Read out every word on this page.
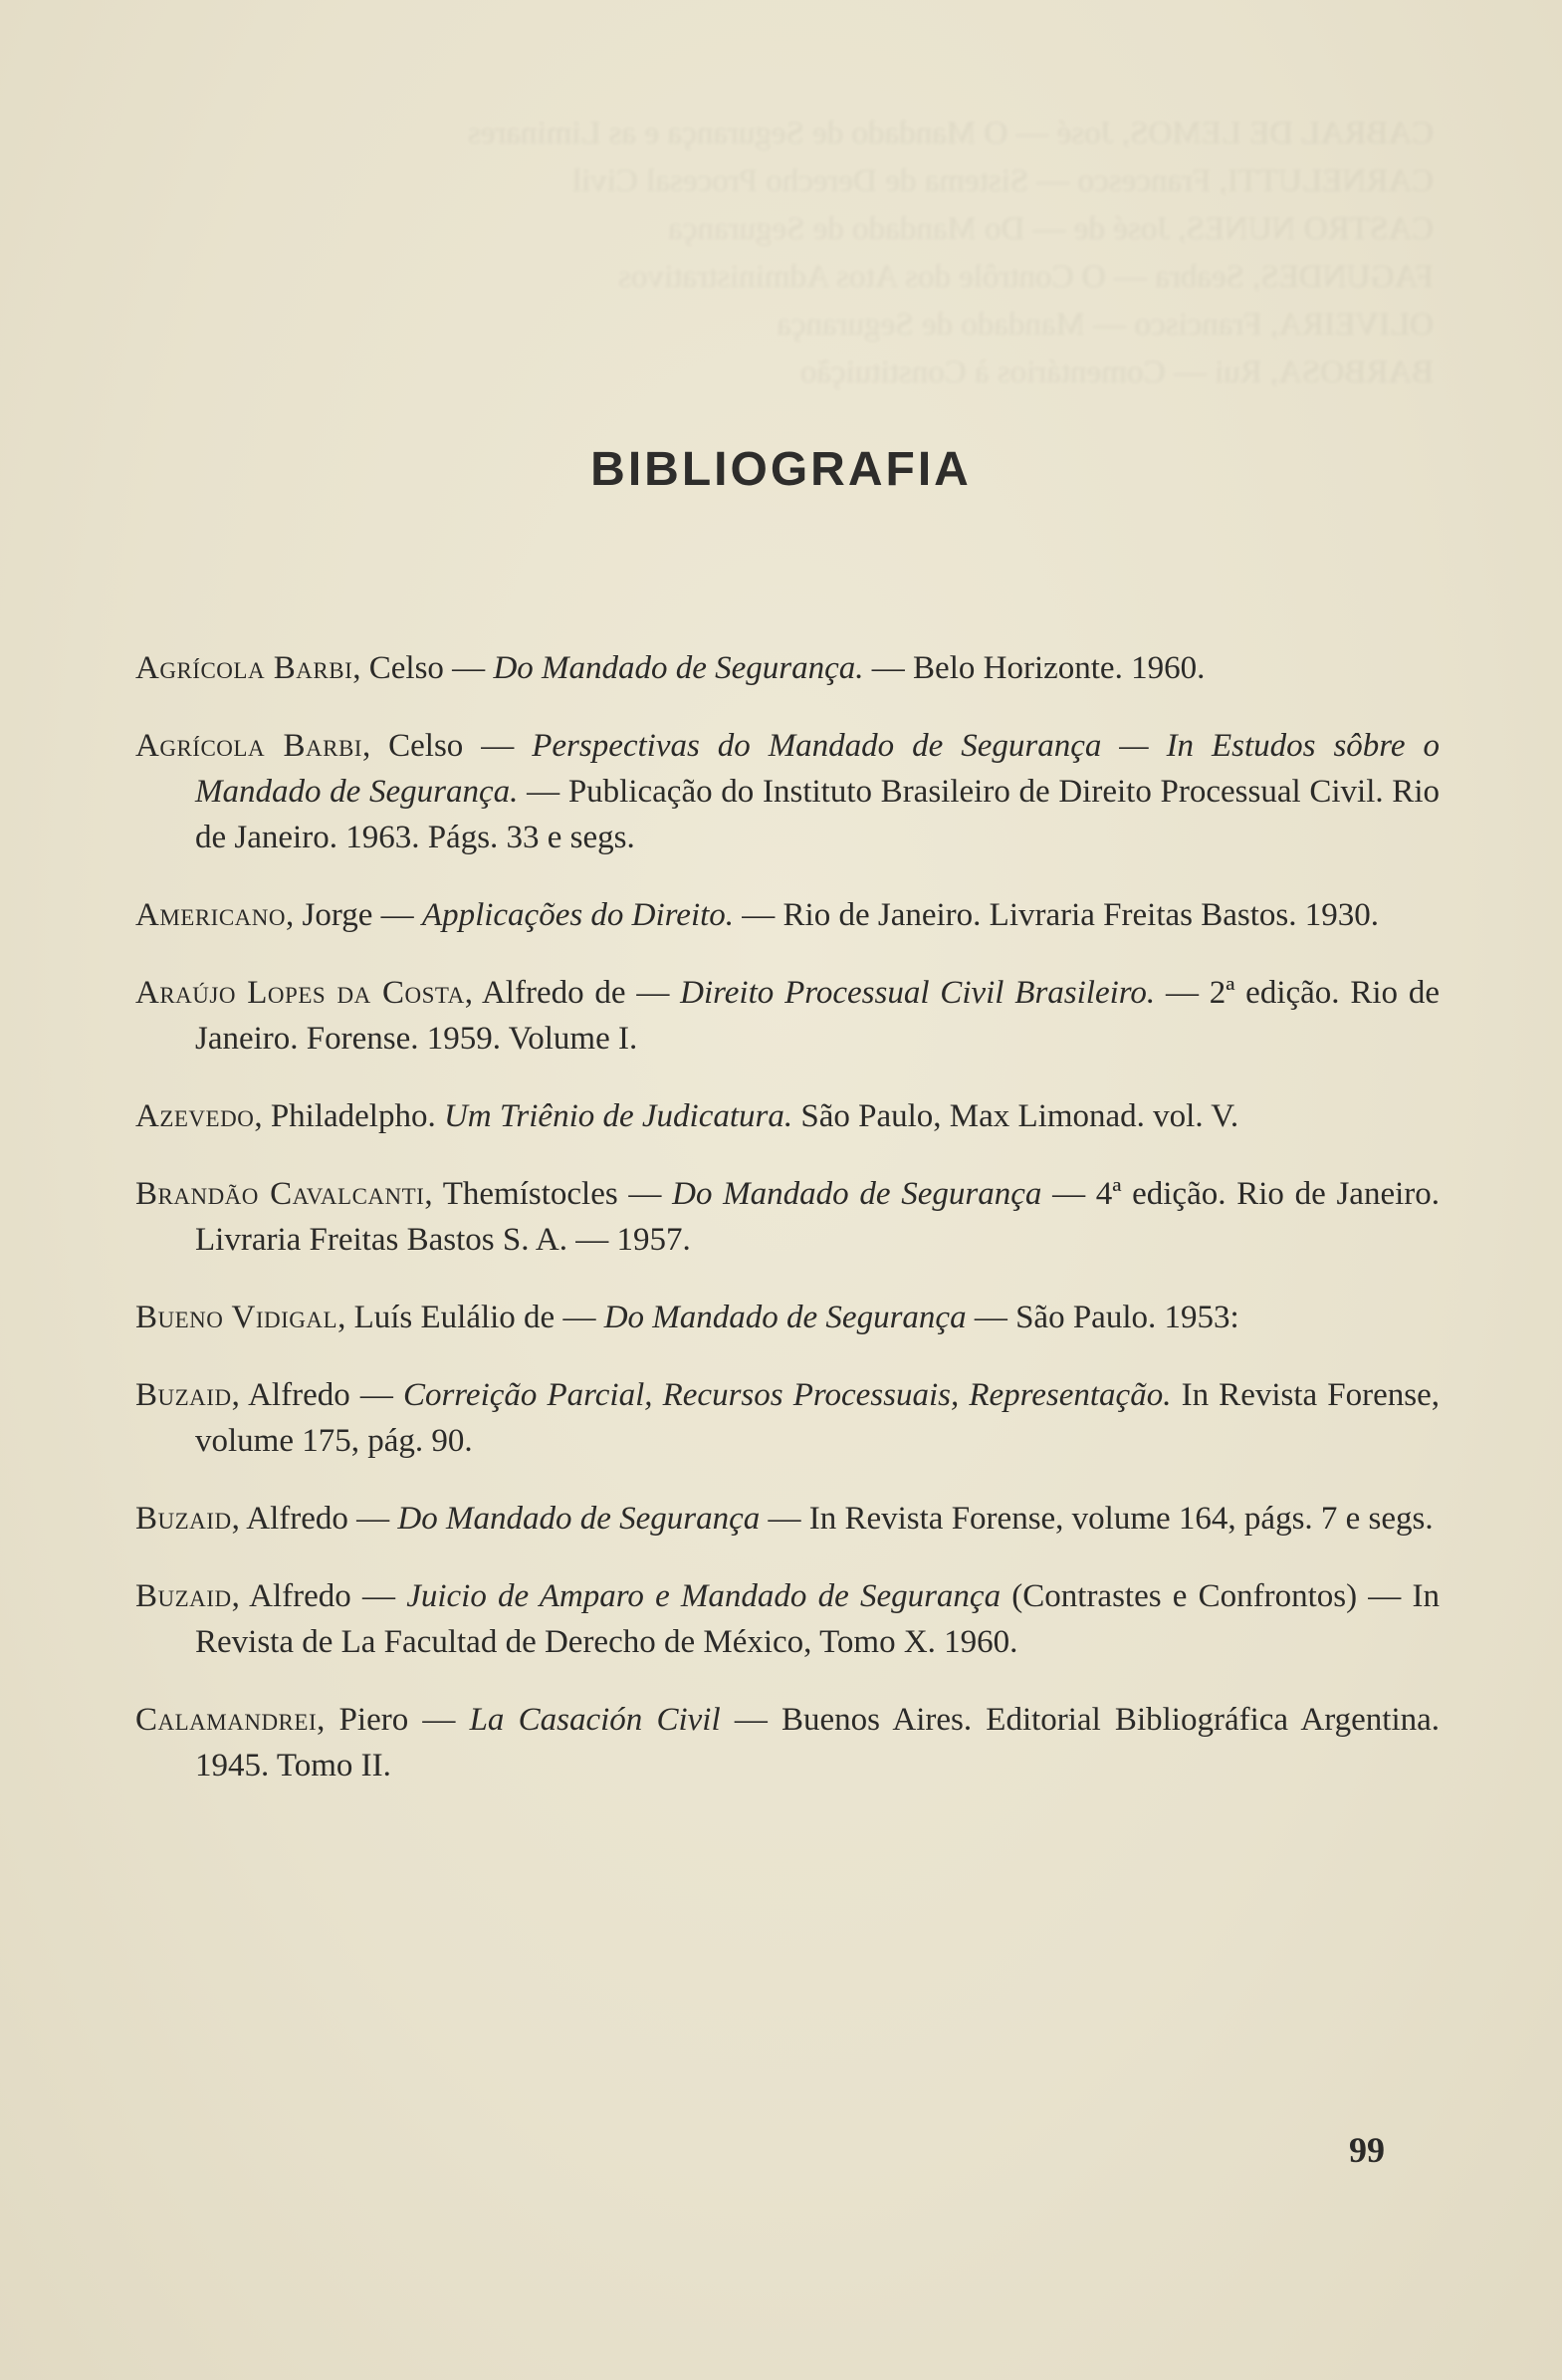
CABRAL DE LEMOS, José — O Mandado de Segurança e as Liminares
CARNELUTTI, Francesco — Sistema de Derecho Procesal Civil
CASTRO NUNES, José de — Do Mandado de Segurança
FAGUNDES, Seabra — O Contrôle dos Atos Administrativos
OLIVEIRA, Francisco — Mandado de Segurança
BARBOSA, Rui — Comentários à Constituição
BIBLIOGRAFIA

Agrícola Barbi, Celso — Do Mandado de Segurança. — Belo Horizonte. 1960.

Agrícola Barbi, Celso — Perspectivas do Mandado de Segurança — In Estudos sôbre o Mandado de Segurança. — Publicação do Instituto Brasileiro de Direito Processual Civil. Rio de Janeiro. 1963. Págs. 33 e segs.

Americano, Jorge — Applicações do Direito. — Rio de Janeiro. Livraria Freitas Bastos. 1930.

Araújo Lopes da Costa, Alfredo de — Direito Processual Civil Brasileiro. — 2ª edição. Rio de Janeiro. Forense. 1959. Volume I.

Azevedo, Philadelpho. Um Triênio de Judicatura. São Paulo, Max Limonad. vol. V.

Brandão Cavalcanti, Themístocles — Do Mandado de Segurança — 4ª edição. Rio de Janeiro. Livraria Freitas Bastos S. A. — 1957.

Bueno Vidigal, Luís Eulálio de — Do Mandado de Segurança — São Paulo. 1953:

Buzaid, Alfredo — Correição Parcial, Recursos Processuais, Representação. In Revista Forense, volume 175, pág. 90.

Buzaid, Alfredo — Do Mandado de Segurança — In Revista Forense, volume 164, págs. 7 e segs.

Buzaid, Alfredo — Juicio de Amparo e Mandado de Segurança (Contrastes e Confrontos) — In Revista de La Facultad de Derecho de México, Tomo X. 1960.

Calamandrei, Piero — La Casación Civil — Buenos Aires. Editorial Bibliográfica Argentina. 1945. Tomo II.

99
